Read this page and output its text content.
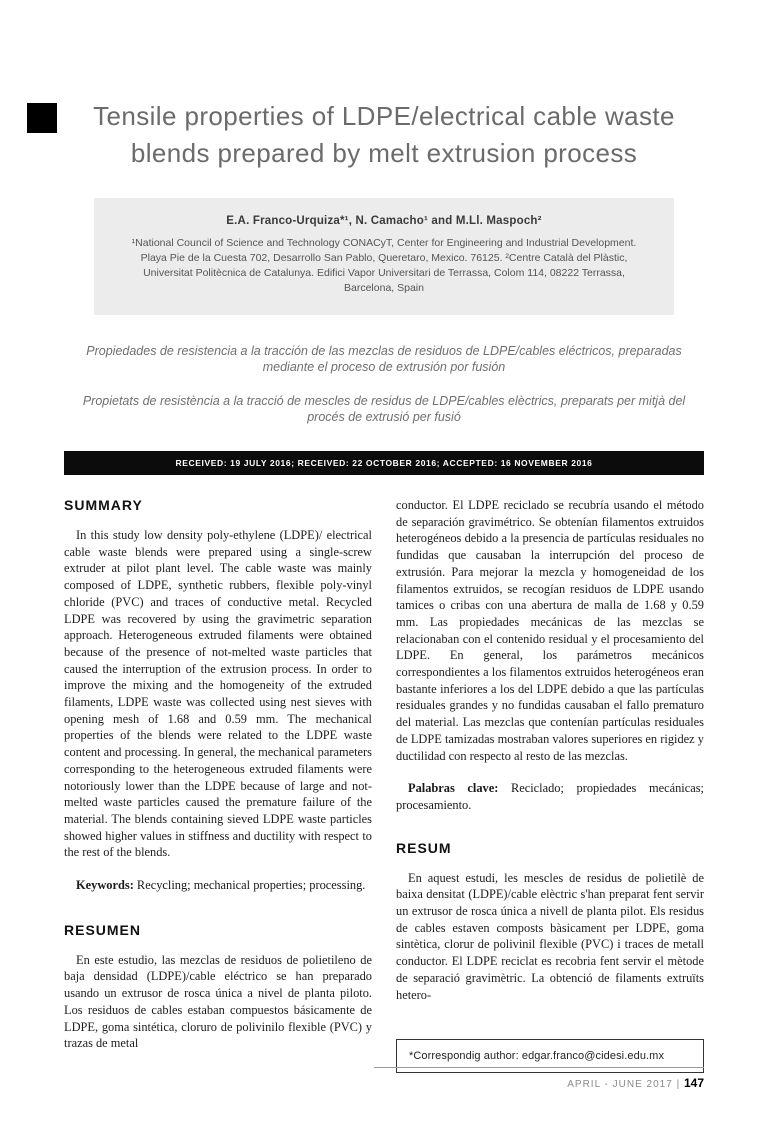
Tensile properties of LDPE/electrical cable waste blends prepared by melt extrusion process
E.A. Franco-Urquiza*¹, N. Camacho¹ and M.Ll. Maspoch²
¹National Council of Science and Technology CONACyT, Center for Engineering and Industrial Development. Playa Pie de la Cuesta 702, Desarrollo San Pablo, Queretaro, Mexico. 76125. ²Centre Català del Plàstic, Universitat Politècnica de Catalunya. Edifici Vapor Universitari de Terrassa, Colom 114, 08222 Terrassa, Barcelona, Spain
Propiedades de resistencia a la tracción de las mezclas de residuos de LDPE/cables eléctricos, preparadas mediante el proceso de extrusión por fusión
Propietats de resistència a la tracció de mescles de residus de LDPE/cables elèctrics, preparats per mitjà del procés de extrusió per fusió
RECEIVED: 19 JULY 2016; RECEIVED: 22 OCTOBER 2016; ACCEPTED: 16 NOVEMBER 2016
SUMMARY

In this study low density poly-ethylene (LDPE)/ electrical cable waste blends were prepared using a single-screw extruder at pilot plant level. The cable waste was mainly composed of LDPE, synthetic rubbers, flexible poly-vinyl chloride (PVC) and traces of conductive metal. Recycled LDPE was recovered by using the gravimetric separation approach. Heterogeneous extruded filaments were obtained because of the presence of not-melted waste particles that caused the interruption of the extrusion process. In order to improve the mixing and the homogeneity of the extruded filaments, LDPE waste was collected using nest sieves with opening mesh of 1.68 and 0.59 mm. The mechanical properties of the blends were related to the LDPE waste content and processing. In general, the mechanical parameters corresponding to the heterogeneous extruded filaments were notoriously lower than the LDPE because of large and not-melted waste particles caused the premature failure of the material. The blends containing sieved LDPE waste particles showed higher values in stiffness and ductility with respect to the rest of the blends.

Keywords: Recycling; mechanical properties; processing.

RESUMEN

En este estudio, las mezclas de residuos de polietileno de baja densidad (LDPE)/cable eléctrico se han preparado usando un extrusor de rosca única a nivel de planta piloto. Los residuos de cables estaban compuestos básicamente de LDPE, goma sintética, cloruro de polivinilo flexible (PVC) y trazas de metal

conductor. El LDPE reciclado se recubría usando el método de separación gravimétrico. Se obtenían filamentos extruidos heterogéneos debido a la presencia de partículas residuales no fundidas que causaban la interrupción del proceso de extrusión. Para mejorar la mezcla y homogeneidad de los filamentos extruidos, se recogían residuos de LDPE usando tamices o cribas con una abertura de malla de 1.68 y 0.59 mm. Las propiedades mecánicas de las mezclas se relacionaban con el contenido residual y el procesamiento del LDPE. En general, los parámetros mecánicos correspondientes a los filamentos extruidos heterogéneos eran bastante inferiores a los del LDPE debido a que las partículas residuales grandes y no fundidas causaban el fallo prematuro del material. Las mezclas que contenían partículas residuales de LDPE tamizadas mostraban valores superiores en rigidez y ductilidad con respecto al resto de las mezclas.

Palabras clave: Reciclado; propiedades mecánicas; procesamiento.

RESUM

En aquest estudi, les mescles de residus de polietilè de baixa densitat (LDPE)/cable elèctric s'han preparat fent servir un extrusor de rosca única a nivell de planta pilot. Els residus de cables estaven composts bàsicament per LDPE, goma sintètica, clorur de polivinil flexible (PVC) i traces de metall conductor. El LDPE reciclat es recobria fent servir el mètode de separació gravimètric. La obtenció de filaments extruïts hetero-

*Correspondig author: edgar.franco@cidesi.edu.mx
APRIL - JUNE 2017 | 147
